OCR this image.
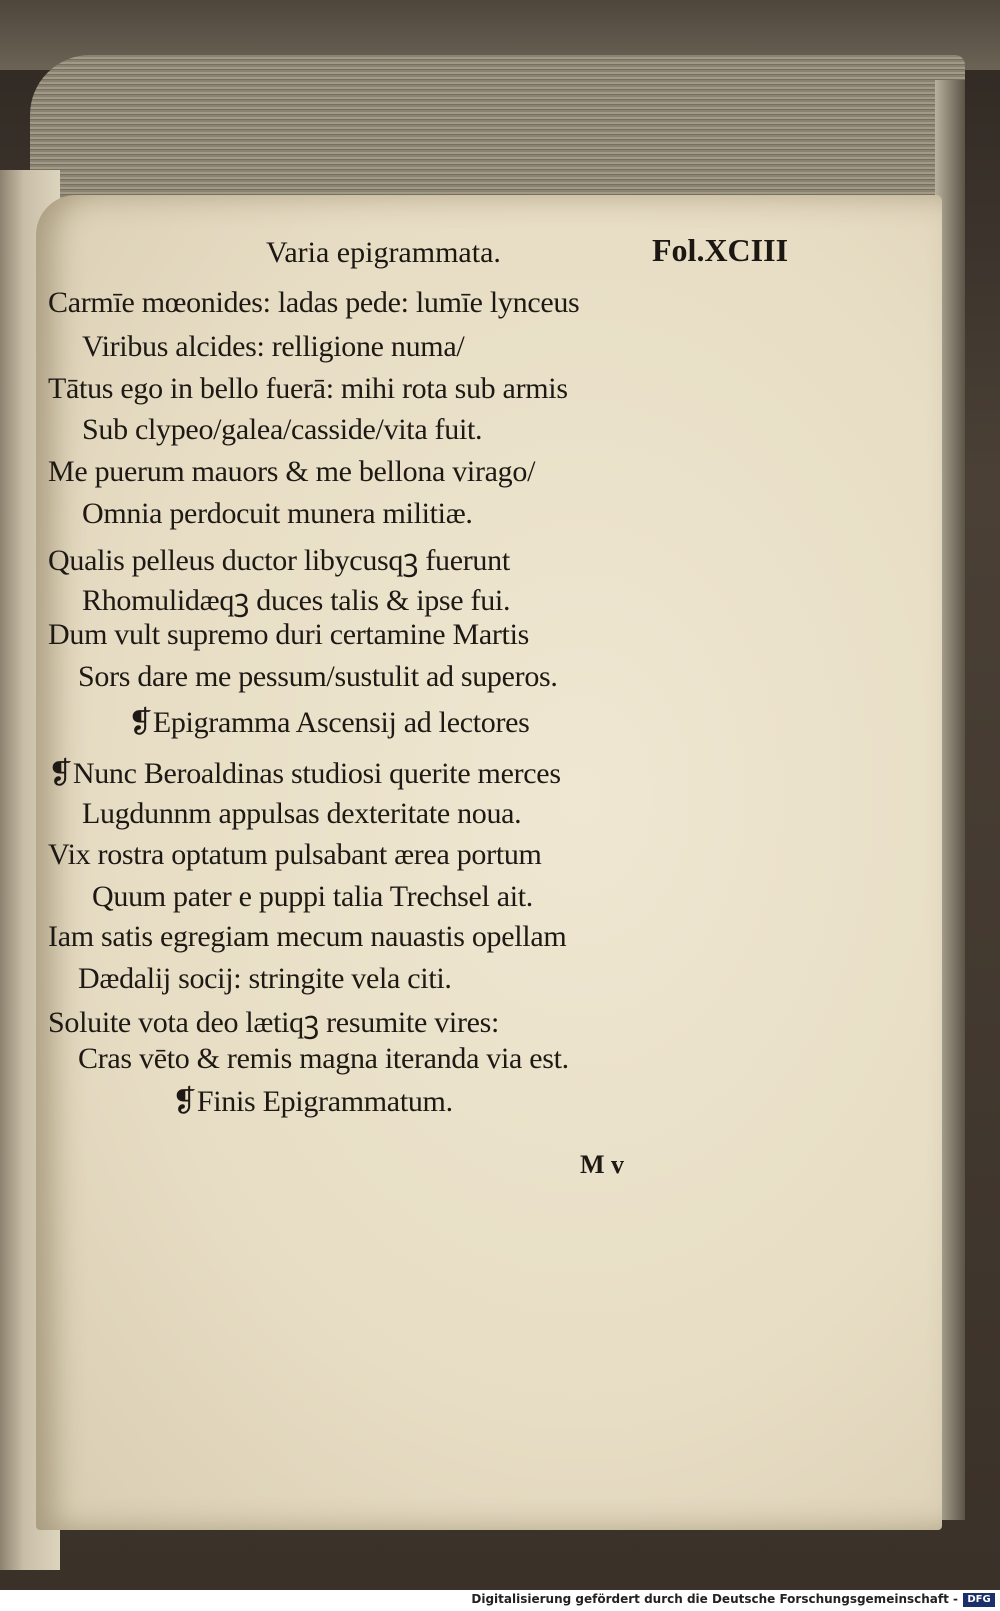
Varia epigrammata.	Fol.XCIII
Carmīe mœonides: ladas pede: lumīe lynceus
Viribus alcides: relligione numa/
Tātus ego in bello fuerā: mihi rota sub armis
Sub clypeo/galea/casside/vita fuit.
Me puerum mauors & me bellona virago/
Omnia perdocuit munera militiæ.
Qualis pelleus ductor libycusqꝫ fuerunt
Rhomulidæqꝫ duces talis & ipse fui.
Dum vult supremo duri certamine Martis
Sors dare me pessum/sustulit ad superos.
❡Epigramma Ascensij ad lectores
❡Nunc Beroaldinas studiosi querite merces
Lugdunnm appulsas dexteritate noua.
Vix rostra optatum pulsabant ærea portum
Quum pater e puppi talia Trechsel ait.
Iam satis egregiam mecum nauastis opellam
Dædalij socij: stringite vela citi.
Soluite vota deo lætiqꝫ resumite vires:
Cras vēto & remis magna iteranda via est.
❡Finis Epigrammatum.
M v
Digitalisierung gefördert durch die Deutsche Forschungsgemeinschaft - DFG
